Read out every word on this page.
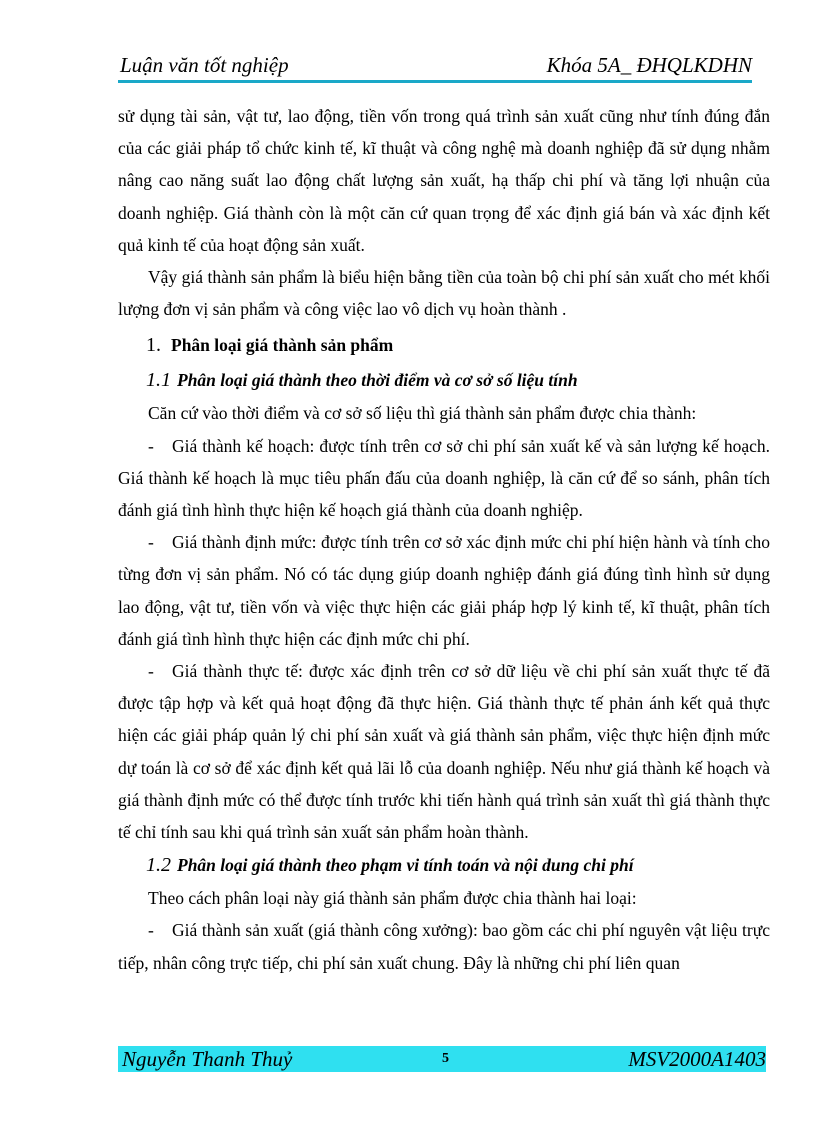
Luận văn tốt nghiệp	Khóa 5A_ ĐHQLKDHN

sử dụng tài sản, vật tư, lao động, tiền vốn trong quá trình sản xuất cũng như tính đúng đắn của các giải pháp tổ chức kinh tế, kĩ thuật và công nghệ mà doanh nghiệp đã sử dụng nhằm nâng cao năng suất lao động chất lượng sản xuất, hạ thấp chi phí và tăng lợi nhuận của doanh nghiệp. Giá thành còn là một căn cứ quan trọng để xác định giá bán và xác định kết quả kinh tế của hoạt động sản xuất.

Vậy giá thành sản phẩm là biểu hiện bằng tiền của toàn bộ chi phí sản xuất cho mét khối lượng đơn vị sản phẩm và công việc lao vô dịch vụ hoàn thành .

1. Phân loại giá thành sản phẩm
1.1 Phân loại giá thành theo thời điểm và cơ sở số liệu tính

Căn cứ vào thời điểm và cơ sở số liệu thì giá thành sản phẩm được chia thành:

- Giá thành kế hoạch: được tính trên cơ sở chi phí sản xuất kế và sản lượng kế hoạch. Giá thành kế hoạch là mục tiêu phấn đấu của doanh nghiệp, là căn cứ để so sánh, phân tích đánh giá tình hình thực hiện kế hoạch giá thành của doanh nghiệp.

- Giá thành định mức: được tính trên cơ sở xác định mức chi phí hiện hành và tính cho từng đơn vị sản phẩm. Nó có tác dụng giúp doanh nghiệp đánh giá đúng tình hình sử dụng lao động, vật tư, tiền vốn và việc thực hiện các giải pháp hợp lý kinh tế, kĩ thuật, phân tích đánh giá tình hình thực hiện các định mức chi phí.

- Giá thành thực tế: được xác định trên cơ sở dữ liệu về chi phí sản xuất thực tế đã được tập hợp và kết quả hoạt động đã thực hiện. Giá thành thực tế phản ánh kết quả thực hiện các giải pháp quản lý chi phí sản xuất và giá thành sản phẩm, việc thực hiện định mức dự toán là cơ sở để xác định kết quả lãi lỗ của doanh nghiệp. Nếu như giá thành kế hoạch và giá thành định mức có thể được tính trước khi tiến hành quá trình sản xuất thì giá thành thực tế chỉ tính sau khi quá trình sản xuất sản phẩm hoàn thành.

1.2 Phân loại giá thành theo phạm vi tính toán và nội dung chi phí

Theo cách phân loại này giá thành sản phẩm được chia thành hai loại:

- Giá thành sản xuất (giá thành công xưởng): bao gồm các chi phí nguyên vật liệu trực tiếp, nhân công trực tiếp, chi phí sản xuất chung. Đây là những chi phí liên quan

Nguyễn Thanh Thuỷ	5	MSV2000A1403
